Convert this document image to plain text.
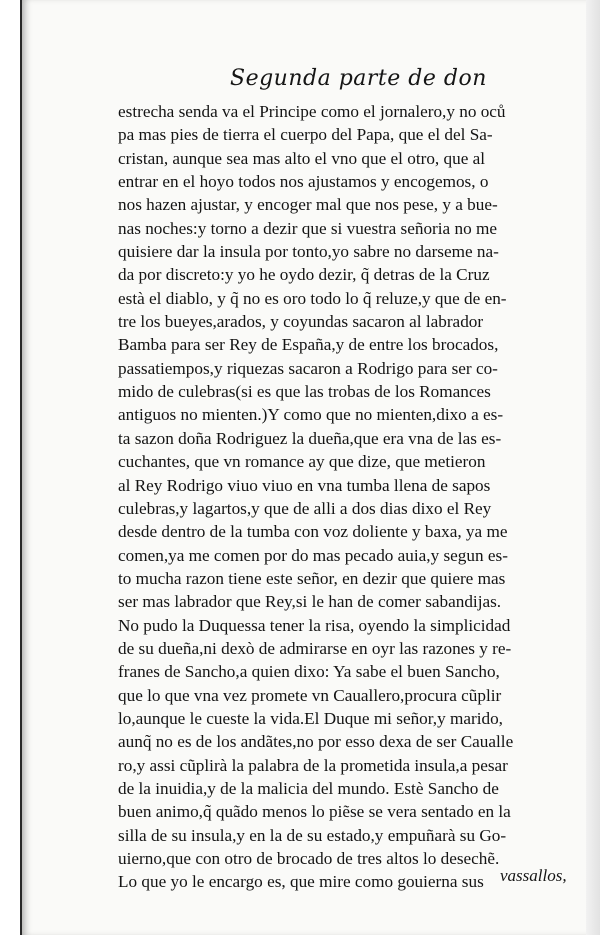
Segunda parte de don
estrecha senda va el Principe como el jornalero,y no oců
pa mas pies de tierra el cuerpo del Papa, que el del Sa-
cristan, aunque sea mas alto el vno que el otro, que al
entrar en el hoyo todos nos ajustamos y encogemos, o
nos hazen ajustar, y encoger mal que nos pese, y a bue-
nas noches:y torno a dezir que si vuestra señoria no me
quisiere dar la insula por tonto,yo sabre no darseme na-
da por discreto:y yo he oydo dezir, q̃ detras de la Cruz
està el diablo, y q̃ no es oro todo lo q̃ reluze,y que de en-
tre los bueyes,arados, y coyundas sacaron al labrador
Bamba para ser Rey de España,y de entre los brocados,
passatiempos,y riquezas sacaron a Rodrigo para ser co-
mido de culebras(si es que las trobas de los Romances
antiguos no mienten.)Y como que no mienten,dixo a es-
ta sazon doña Rodriguez la dueña,que era vna de las es-
cuchantes, que vn romance ay que dize, que metieron
al Rey Rodrigo viuo viuo en vna tumba llena de sapos
culebras,y lagartos,y que de alli a dos dias dixo el Rey
desde dentro de la tumba con voz doliente y baxa, ya me
comen,ya me comen por do mas pecado auia,y segun es-
to mucha razon tiene este señor, en dezir que quiere mas
ser mas labrador que Rey,si le han de comer sabandijas.
No pudo la Duquessa tener la risa, oyendo la simplicidad
de su dueña,ni dexò de admirarse en oyr las razones y re-
franes de Sancho,a quien dixo: Ya sabe el buen Sancho,
que lo que vna vez promete vn Cauallero,procura cũplir
lo,aunque le cueste la vida.El Duque mi señor,y marido,
aunq̃ no es de los andãtes,no por esso dexa de ser Caualle
ro,y assi cũplirà la palabra de la prometida insula,a pesar
de la inuidia,y de la malicia del mundo. Estè Sancho de
buen animo,q̃ quãdo menos lo piẽse se vera sentado en la
silla de su insula,y en la de su estado,y empuñarà su Go-
uierno,que con otro de brocado de tres altos lo desechẽ.
Lo que yo le encargo es, que mire como gouierna sus vassallos,
